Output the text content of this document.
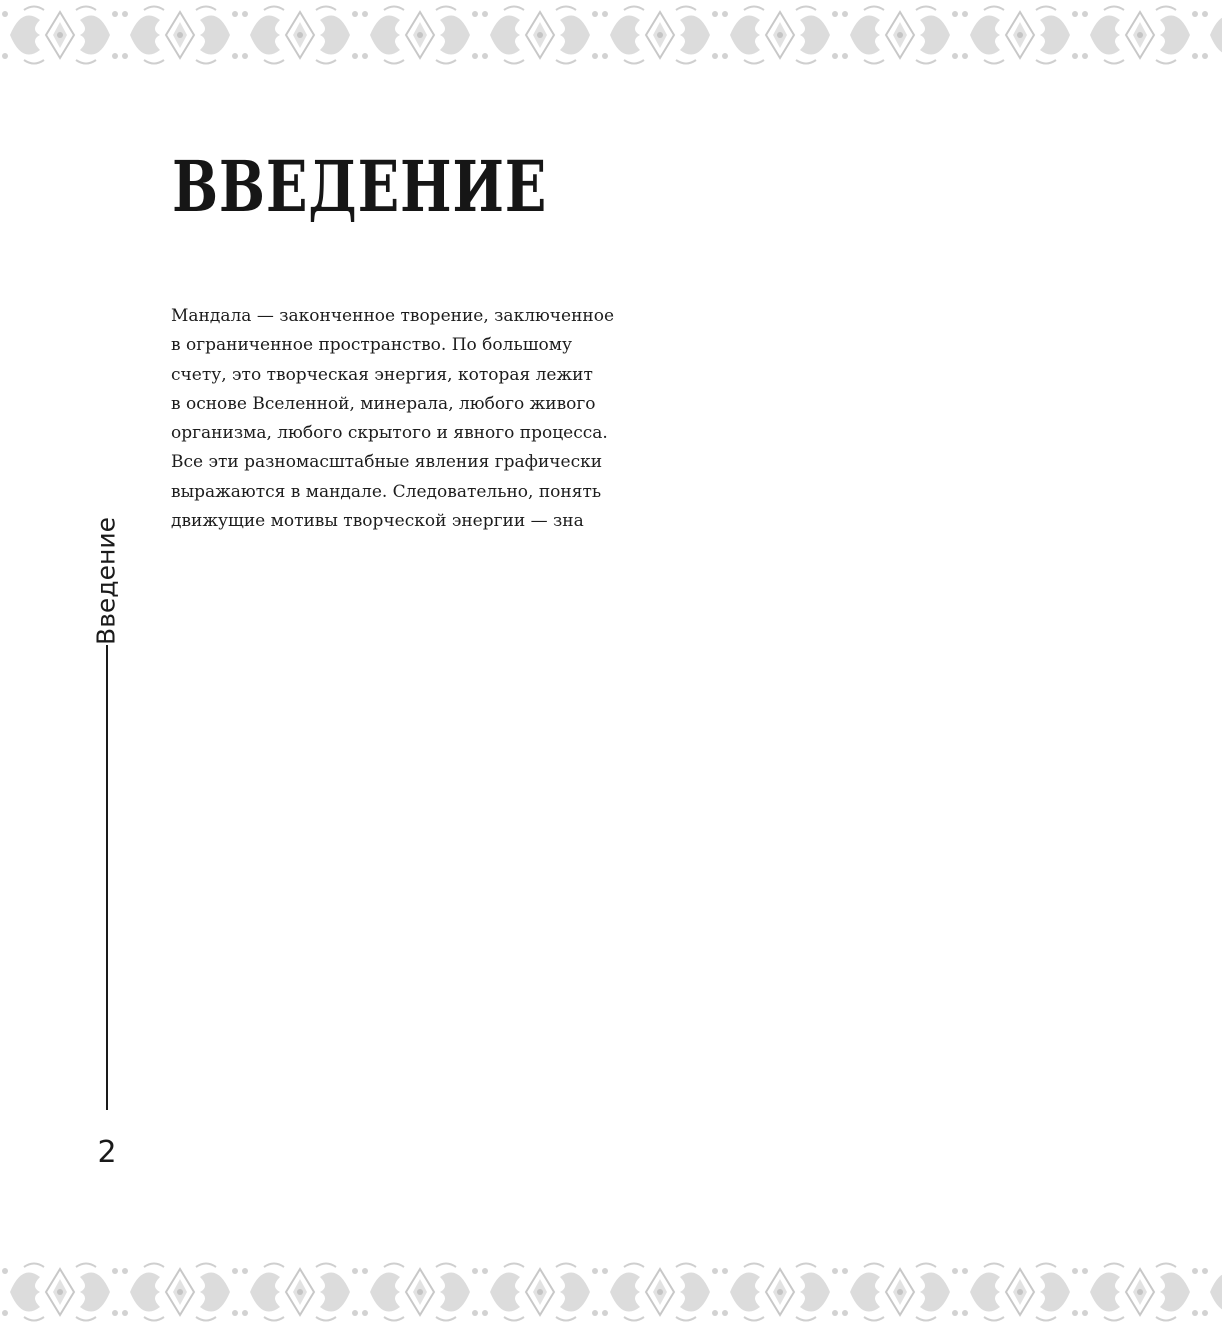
ВВЕДЕНИЕ
Мандала — законченное творение, заключенное
в ограниченное пространство. По большому
счету, это творческая энергия, которая лежит
в основе Вселенной, минерала, любого живого
организма, любого скрытого и явного процесса.
Все эти разномасштабные явления графически
выражаются в мандале. Следовательно, понять
движущие мотивы творческой энергии — зна
Введение
2
